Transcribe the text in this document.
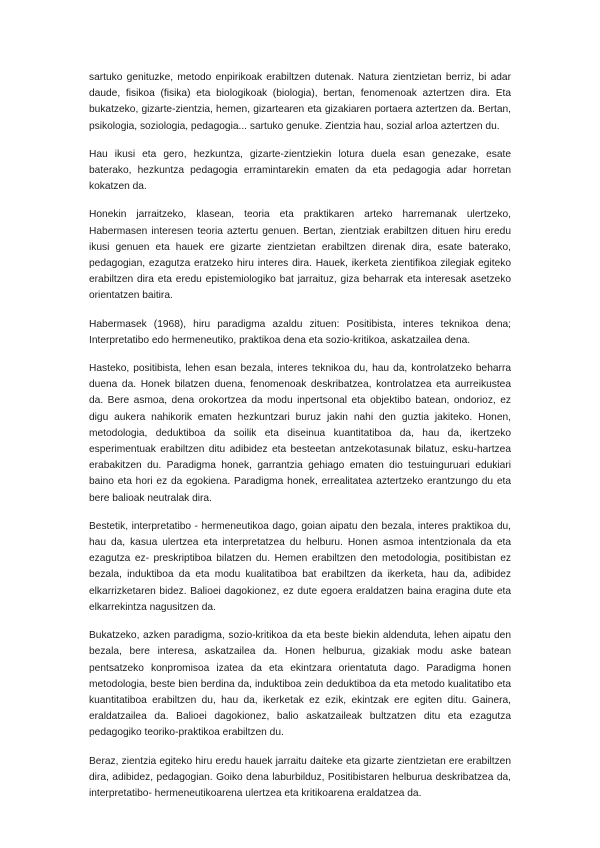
sartuko genituzke, metodo enpirikoak erabiltzen dutenak. Natura zientzietan berriz, bi adar daude, fisikoa (fisika) eta biologikoak (biologia), bertan, fenomenoak aztertzen dira. Eta bukatzeko, gizarte-zientzia, hemen, gizartearen eta gizakiaren portaera aztertzen da. Bertan, psikologia, soziologia, pedagogia... sartuko genuke. Zientzia hau, sozial arloa aztertzen du.

Hau ikusi eta gero, hezkuntza, gizarte-zientziekin lotura duela esan genezake, esate baterako, hezkuntza pedagogia erramintarekin ematen da eta pedagogia adar horretan kokatzen da.

Honekin jarraitzeko, klasean, teoria eta praktikaren arteko harremanak ulertzeko, Habermasen interesen teoria aztertu genuen. Bertan, zientziak erabiltzen dituen hiru eredu ikusi genuen eta hauek ere gizarte zientzietan erabiltzen direnak dira, esate baterako, pedagogian, ezagutza eratzeko hiru interes dira. Hauek, ikerketa zientifikoa zilegiak egiteko erabiltzen dira eta eredu epistemiologiko bat jarraituz, giza beharrak eta interesak asetzeko orientatzen baitira.

Habermasek (1968), hiru paradigma azaldu zituen: Positibista, interes teknikoa dena; Interpretatibo edo hermeneutiko, praktikoa dena eta sozio-kritikoa, askatzailea dena.

Hasteko, positibista, lehen esan bezala, interes teknikoa du, hau da, kontrolatzeko beharra duena da. Honek bilatzen duena, fenomenoak deskribatzea, kontrolatzea eta aurreikustea da. Bere asmoa, dena orokortzea da modu inpertsonal eta objektibo batean, ondorioz, ez digu aukera nahikorik ematen hezkuntzari buruz jakin nahi den guztia jakiteko. Honen, metodologia, deduktiboa da soilik eta diseinua kuantitatiboa da, hau da, ikertzeko esperimentuak erabiltzen ditu adibidez eta besteetan antzekotasunak bilatuz, esku-hartzea erabakitzen du. Paradigma honek, garrantzia gehiago ematen dio testuinguruari edukiari baino eta hori ez da egokiena. Paradigma honek, errealitatea aztertzeko erantzungo du eta bere balioak neutralak dira.

Bestetik, interpretatibo - hermeneutikoa dago, goian aipatu den bezala, interes praktikoa du, hau da, kasua ulertzea eta interpretatzea du helburu. Honen asmoa intentzionala da eta ezagutza ez- preskriptiboa bilatzen du. Hemen erabiltzen den metodologia, positibistan ez bezala, induktiboa da eta modu kualitatiboa bat erabiltzen da ikerketa, hau da, adibidez elkarrizketaren bidez. Balioei dagokionez, ez dute egoera eraldatzen baina eragina dute eta elkarrekintza nagusitzen da.

Bukatzeko, azken paradigma, sozio-kritikoa da eta beste biekin aldenduta, lehen aipatu den bezala, bere interesa, askatzailea da. Honen helburua, gizakiak modu aske batean pentsatzeko konpromisoa izatea da eta ekintzara orientatuta dago. Paradigma honen metodologia, beste bien berdina da, induktiboa zein deduktiboa da eta metodo kualitatibo eta kuantitatiboa erabiltzen du, hau da, ikerketak ez ezik, ekintzak ere egiten ditu. Gainera, eraldatzailea da. Balioei dagokionez, balio askatzaileak bultzatzen ditu eta ezagutza pedagogiko teoriko-praktikoa erabiltzen du.

Beraz, zientzia egiteko hiru eredu hauek jarraitu daiteke eta gizarte zientzietan ere erabiltzen dira, adibidez, pedagogian. Goiko dena laburbilduz, Positibistaren helburua deskribatzea da, interpretatibo- hermeneutikoarena ulertzea eta kritikoarena eraldatzea da.
